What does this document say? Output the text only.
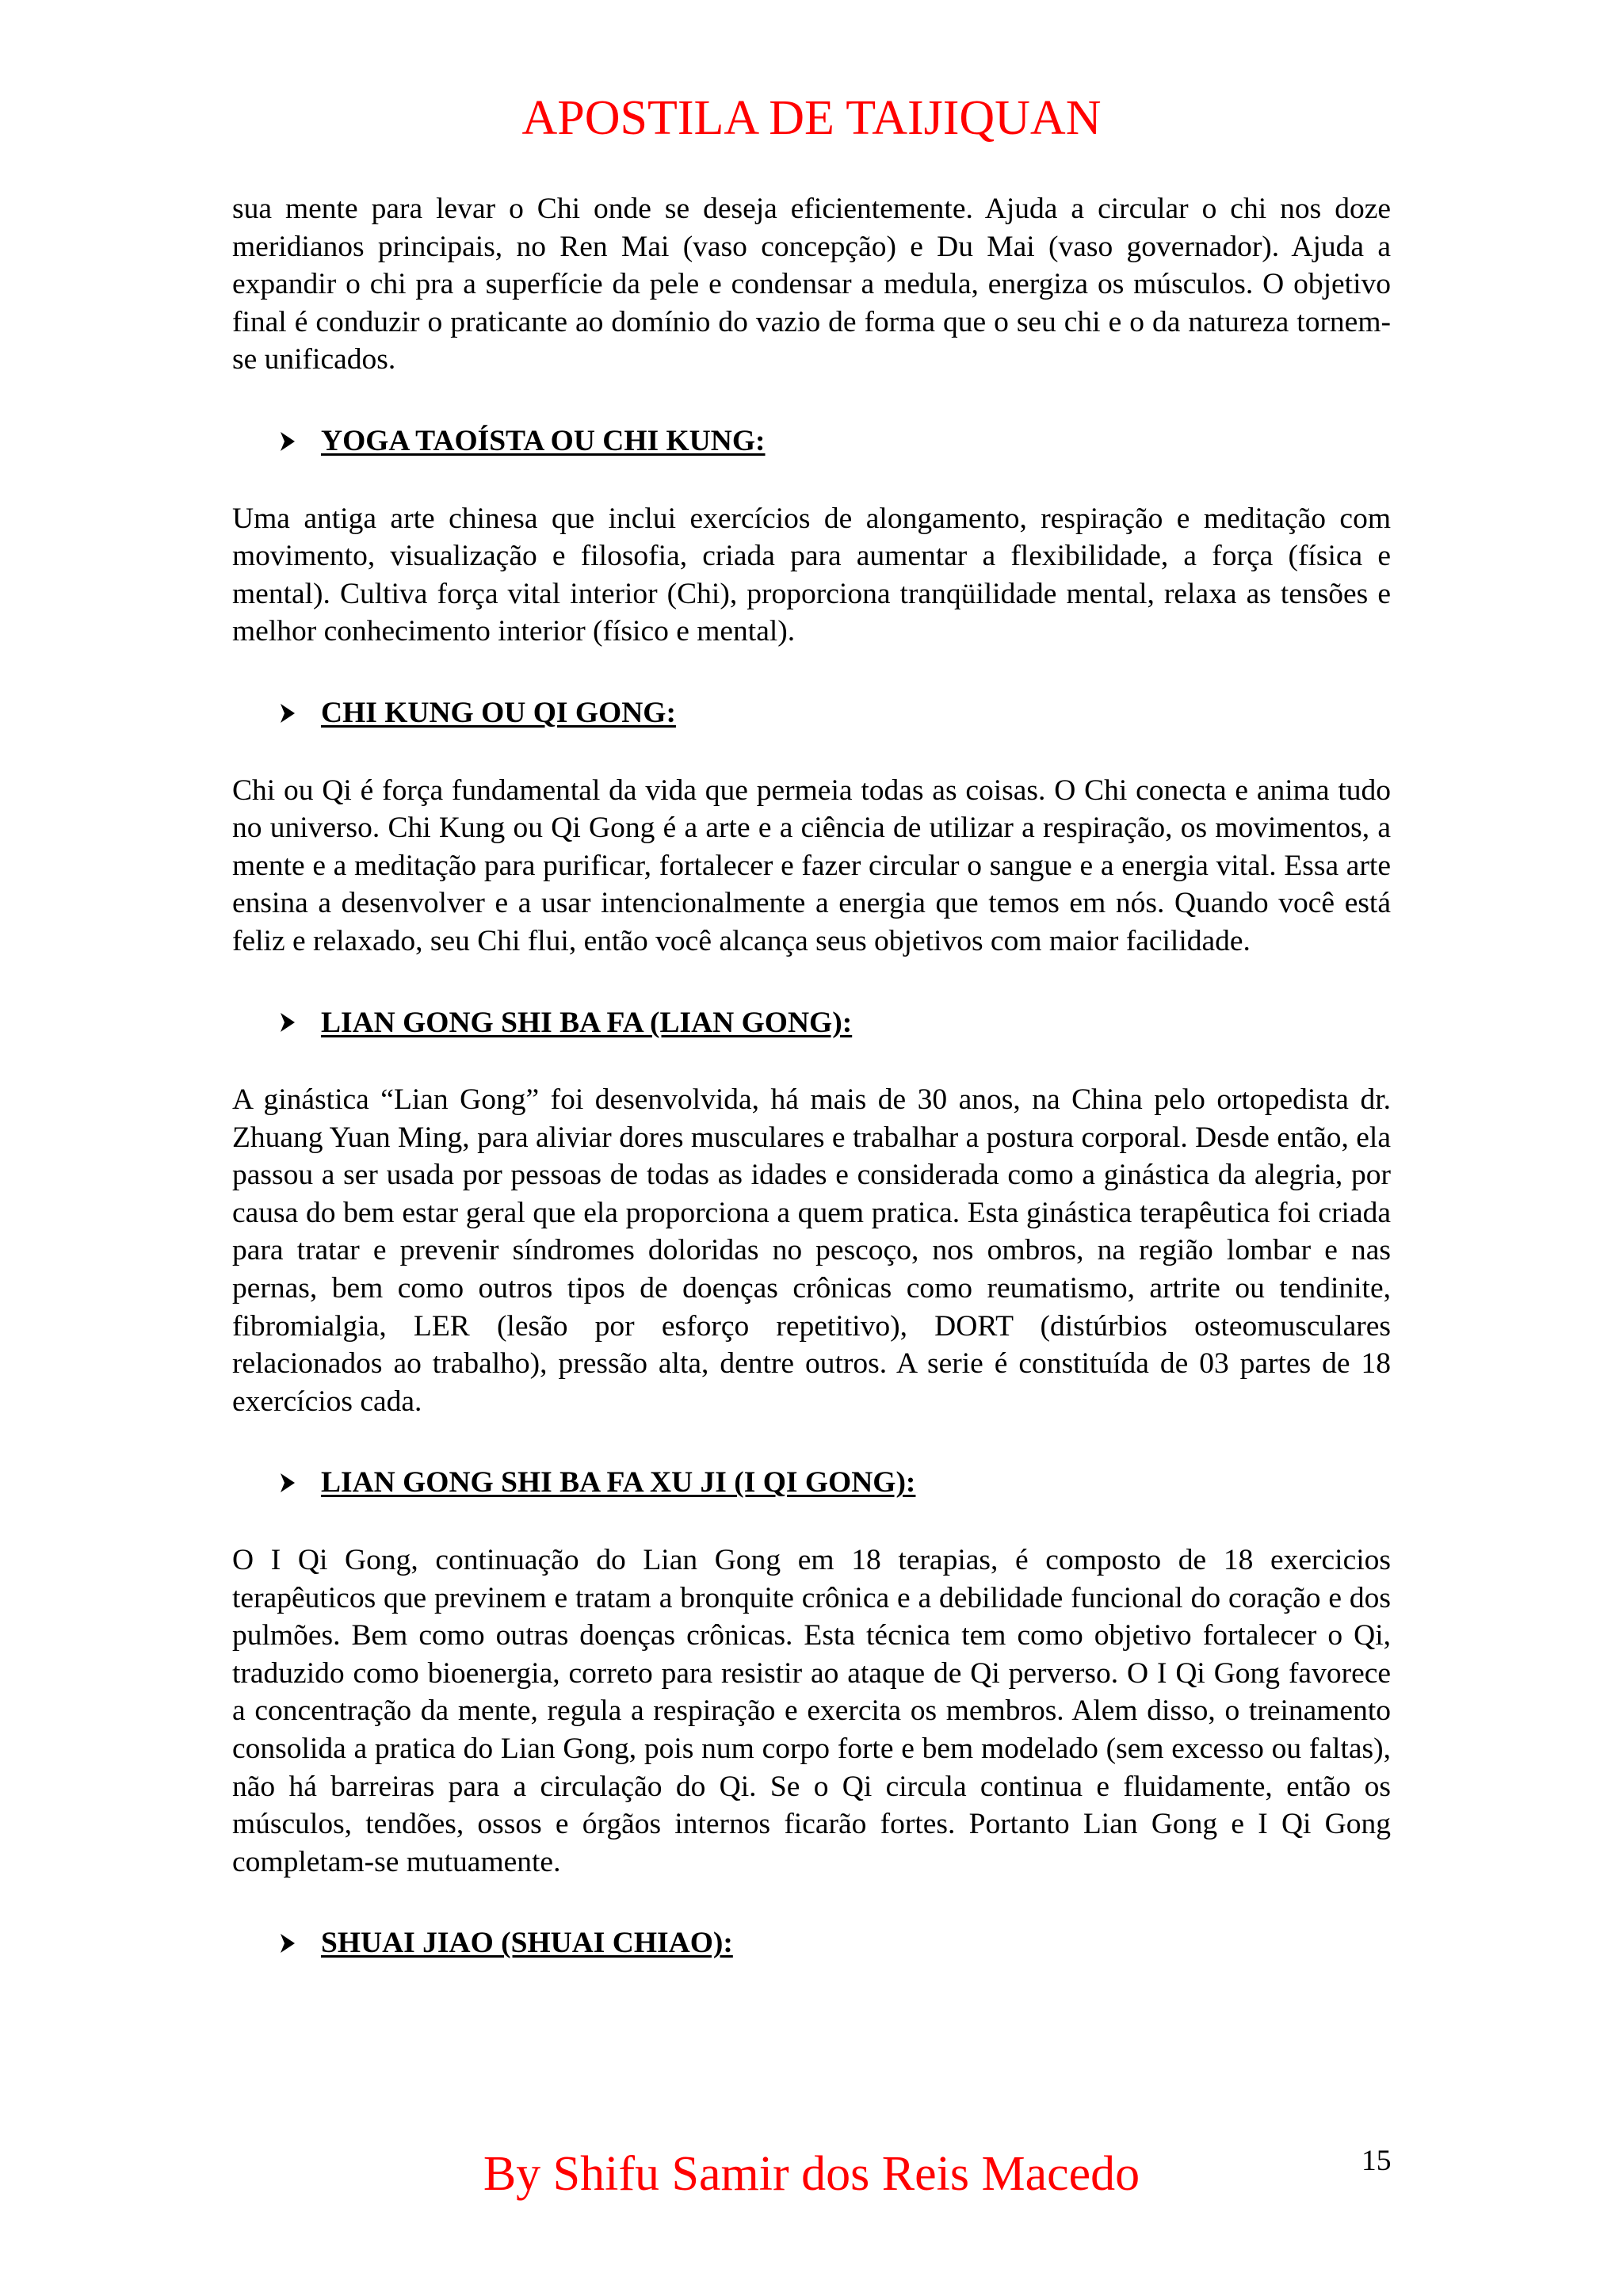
APOSTILA DE TAIJIQUAN

sua mente para levar o Chi onde se deseja eficientemente. Ajuda a circular o chi nos doze meridianos principais, no Ren Mai (vaso concepção) e Du Mai (vaso governador). Ajuda a expandir o chi pra a superfície da pele e condensar a medula, energiza os músculos. O objetivo final é conduzir o praticante ao domínio do vazio de forma que o seu chi e o da natureza tornem-se unificados.

YOGA TAOÍSTA OU CHI KUNG:

Uma antiga arte chinesa que inclui exercícios de alongamento, respiração e meditação com movimento, visualização e filosofia, criada para aumentar a flexibilidade, a força (física e mental). Cultiva força vital interior (Chi), proporciona tranqüilidade mental, relaxa as tensões e melhor conhecimento interior (físico e mental).

CHI KUNG OU QI GONG:

Chi ou Qi é força fundamental da vida que permeia todas as coisas. O Chi conecta e anima tudo no universo. Chi Kung ou Qi Gong é a arte e a ciência de utilizar a respiração, os movimentos, a mente e a meditação para purificar, fortalecer e fazer circular o sangue e a energia vital. Essa arte ensina a desenvolver e a usar intencionalmente a energia que temos em nós. Quando você está feliz e relaxado, seu Chi flui, então você alcança seus objetivos com maior facilidade.

LIAN GONG SHI BA FA (LIAN GONG):

A ginástica “Lian Gong” foi desenvolvida, há mais de 30 anos, na China pelo ortopedista dr. Zhuang Yuan Ming, para aliviar dores musculares e trabalhar a postura corporal. Desde então, ela passou a ser usada por pessoas de todas as idades e considerada como a ginástica da alegria, por causa do bem estar geral que ela proporciona a quem pratica. Esta ginástica terapêutica foi criada para tratar e prevenir síndromes doloridas no pescoço, nos ombros, na região lombar e nas pernas, bem como outros tipos de doenças crônicas como reumatismo, artrite ou tendinite, fibromialgia, LER (lesão por esforço repetitivo), DORT (distúrbios osteomusculares relacionados ao trabalho), pressão alta, dentre outros. A serie é constituída de 03 partes de 18 exercícios cada.

LIAN GONG SHI BA FA XU JI (I QI GONG):

O I Qi Gong, continuação do Lian Gong em 18 terapias, é composto de 18 exercicios terapêuticos que previnem e tratam a bronquite crônica e a debilidade funcional do coração e dos pulmões. Bem como outras doenças crônicas. Esta técnica tem como objetivo fortalecer o Qi, traduzido como bioenergia, correto para resistir ao ataque de Qi perverso. O I Qi Gong favorece a concentração da mente, regula a respiração e exercita os membros. Alem disso, o treinamento consolida a pratica do Lian Gong, pois num corpo forte e bem modelado (sem excesso ou faltas), não há barreiras para a circulação do Qi. Se o Qi circula continua e fluidamente, então os músculos, tendões, ossos e órgãos internos ficarão fortes. Portanto Lian Gong e I Qi Gong completam-se mutuamente.

SHUAI JIAO (SHUAI CHIAO):
By Shifu Samir dos Reis Macedo	15
